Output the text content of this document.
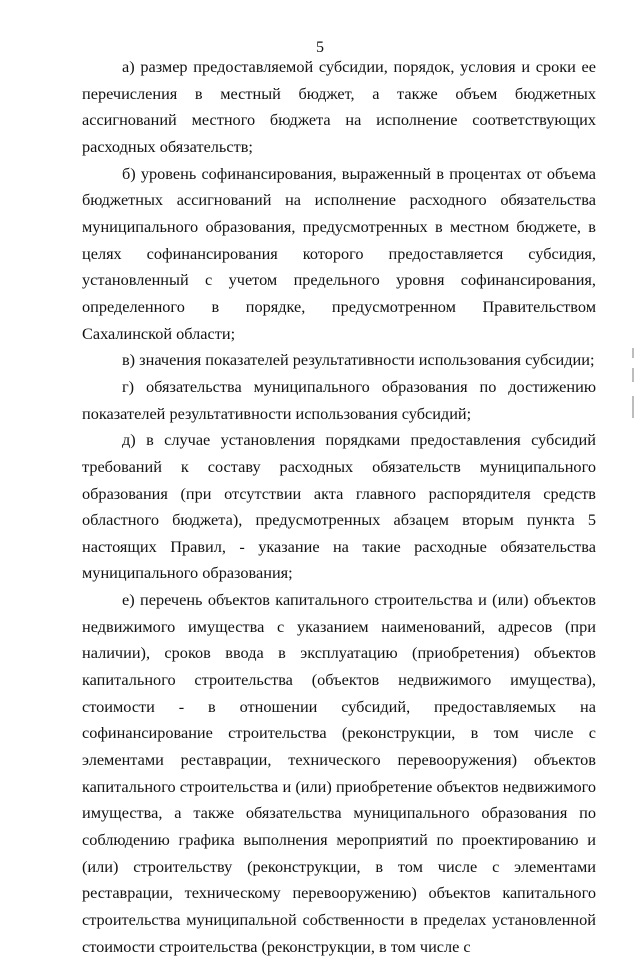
5

а) размер предоставляемой субсидии, порядок, условия и сроки ее перечисления в местный бюджет, а также объем бюджетных ассигнований местного бюджета на исполнение соответствующих расходных обязательств;

б) уровень софинансирования, выраженный в процентах от объема бюджетных ассигнований на исполнение расходного обязательства муниципального образования, предусмотренных в местном бюджете, в целях софинансирования которого предоставляется субсидия, установленный с учетом предельного уровня софинансирования, определенного в порядке, предусмотренном Правительством Сахалинской области;

в) значения показателей результативности использования субсидии;

г) обязательства муниципального образования по достижению показателей результативности использования субсидий;

д) в случае установления порядками предоставления субсидий требований к составу расходных обязательств муниципального образования (при отсутствии акта главного распорядителя средств областного бюджета), предусмотренных абзацем вторым пункта 5 настоящих Правил, - указание на такие расходные обязательства муниципального образования;

е) перечень объектов капитального строительства и (или) объектов недвижимого имущества с указанием наименований, адресов (при наличии), сроков ввода в эксплуатацию (приобретения) объектов капитального строительства (объектов недвижимого имущества), стоимости - в отношении субсидий, предоставляемых на софинансирование строительства (реконструкции, в том числе с элементами реставрации, технического перевооружения) объектов капитального строительства и (или) приобретение объектов недвижимого имущества, а также обязательства муниципального образования по соблюдению графика выполнения мероприятий по проектированию и (или) строительству (реконструкции, в том числе с элементами реставрации, техническому перевооружению) объектов капитального строительства муниципальной собственности в пределах установленной стоимости строительства (реконструкции, в том числе с
